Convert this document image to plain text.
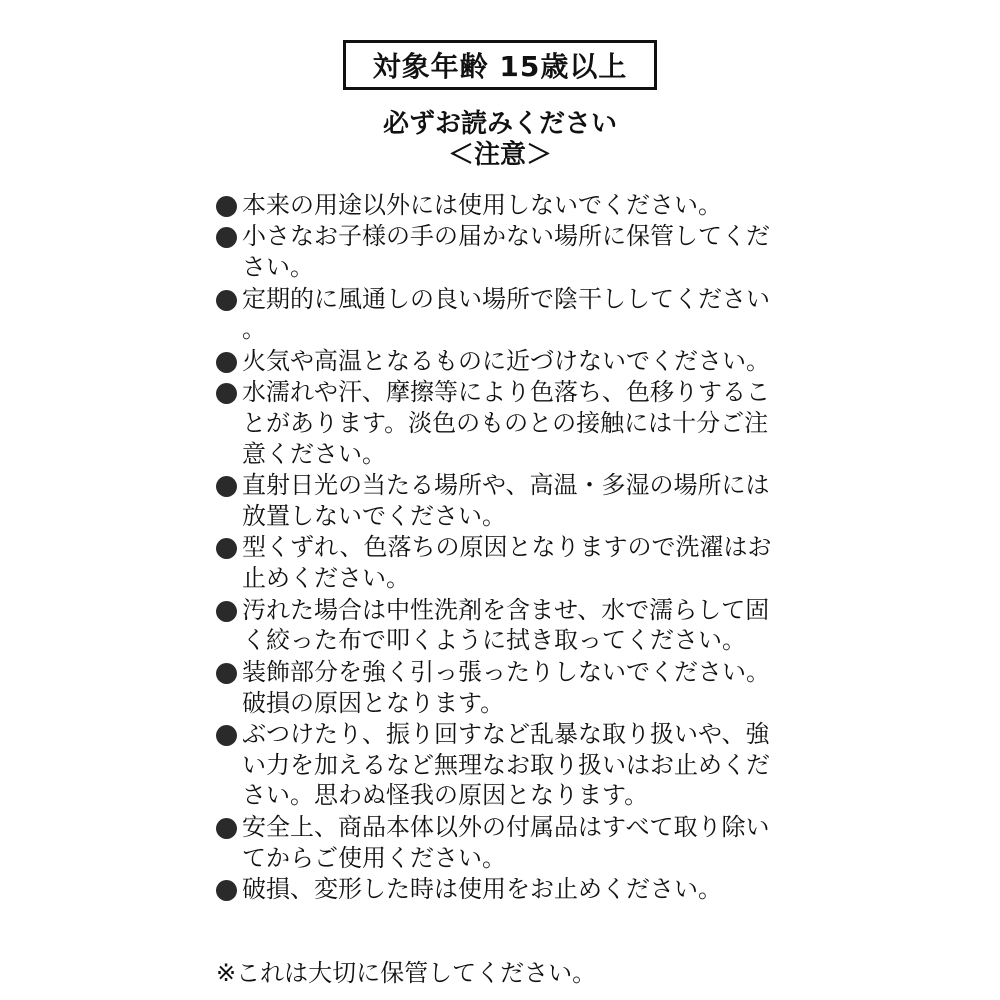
対象年齢 15歳以上
必ずお読みください
＜注意＞
本来の用途以外には使用しないでください。
小さなお子様の手の届かない場所に保管してください。
定期的に風通しの良い場所で陰干ししてください。
火気や高温となるものに近づけないでください。
水濡れや汗、摩擦等により色落ち、色移りすることがあります。淡色のものとの接触には十分ご注意ください。
直射日光の当たる場所や、高温・多湿の場所には放置しないでください。
型くずれ、色落ちの原因となりますので洗濯はお止めください。
汚れた場合は中性洗剤を含ませ、水で濡らして固く絞った布で叩くように拭き取ってください。
装飾部分を強く引っ張ったりしないでください。破損の原因となります。
ぶつけたり、振り回すなど乱暴な取り扱いや、強い力を加えるなど無理なお取り扱いはお止めください。思わぬ怪我の原因となります。
安全上、商品本体以外の付属品はすべて取り除いてからご使用ください。
破損、変形した時は使用をお止めください。
※これは大切に保管してください。
